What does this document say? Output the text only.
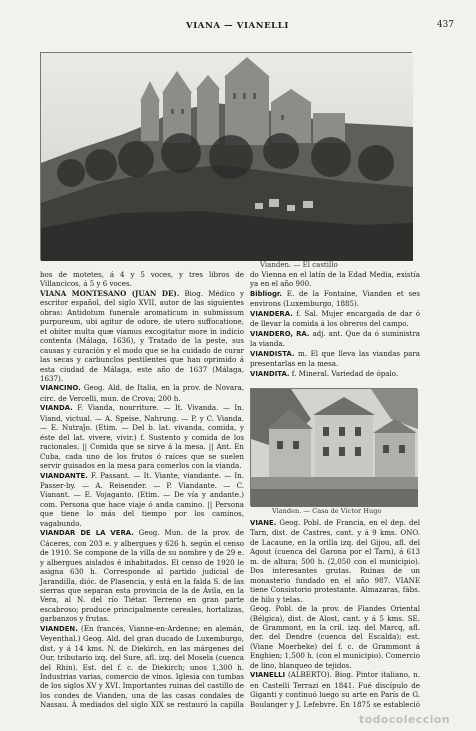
VIANA — VIANELLI	437
Vianden. — El castillo

bos de motetes, á 4 y 5 voces, y tres libros de Villancicos, á 5 y 6 voces.

VIANA MONTESANO (JUAN DE). Biog. Médico y escritor español, del siglo XVII, autor de las siguientes obras: Antidotum funerale aromaticum in submissum purpureum, ubi agitur de odore, de utero suffocatione, et obiter multa quæ viamus excogitatur more in indicio contenta (Málaga, 1636), y Tratado de la peste, sus causas y curación y el modo que se ha cuidado de curar las secas y carbunclos pestilentes que han oprimido á esta ciudad de Málaga, este año de 1637 (Málaga, 1637).

VIANCINO. Geog. Ald. de Italia, en la prov. de Novara, circ. de Vercelli, mun. de Crova; 200 h.

VIANDA. F. Vianda, nourriture. — It. Vivanda. — In. Viand, victual. — A. Speise, Nahrung. — P. y C. Vianda. — E. Nutraĵo. (Etim. — Del b. lat. vivanda, comida, y éste del lat. vivere, vivir.) f. Sustento y comida de los racionales. || Comida que se sirve á la mesa. || Ant. En Cuba, cada uno de los frutos ó raíces que se suelen servir guisados en la mesa para comerlos con la vianda.

VIANDANTE. F. Passant. — It. Viante, viandante. — In. Passer-by. — A. Reisender. — P. Viandante. — C. Vianant. — E. Vojaganto. (Etim. — De vía y andante.) com. Persona que hace viaje ó anda camino. || Persona que tiene lo más del tiempo por los caminos, vagabundo.

VIANDAR DE LA VERA. Geog. Mun. de la prov. de Cáceres, con 203 e. y albergues y 626 h. según el censo de 1910. Se compone de la villa de su nombre y de 29 e. y albergues aislados é inhabitados. El censo de 1920 le asigna 630 h. Corresponde al partido judicial de Jarandilla, dióc. de Plasencia, y está en la falda S. de las sierras que separan esta provincia de la de Ávila, en la Vera, al N. del río Tiétar. Terreno en gran parte escabroso; produce principalmente cereales, hortalizas, garbanzos y frutas.

VIANDEN. (En francés, Vianne-en-Ardenne; en alemán, Veyenthal.) Geog. Ald. del gran ducado de Luxemburgo, dist. y á 14 kms. N. de Diekirch, en las márgenes del Our, tributario izq. del Sure, afl. izq. del Mosela (cuenca del Rhin). Est. del f. c. de Diekirch; unos 1,300 h. Industrias varias, comercio de vinos. Iglesia con tumbas de los siglos XV y XVI. Importantes ruinas del castillo de los condes de Vianden, una de las casas condales de Nassau. Á mediados del siglo XIX se restauró la capilla

do Vienna en el latín de la Edad Media, existía ya en el año 900.

Bibliogr. E. de la Fontaine, Vianden et ses environs (Luxemburgo, 1885).

VIANDERA. f. Sal. Mujer encargada de dar ó de llevar la comida á los obreros del campo.

VIANDERO, RA. adj. ant. Que da ó suministra la vianda.

VIANDISTA. m. El que lleva las viandas para presentarlas en la mesa.

VIANDITA. f. Mineral. Variedad de ópalo.

Vianden. — Casa de Víctor Hugo

VIANE. Geog. Pobl. de Francia, en el dep. del Tarn, dist. de Castres, cant. y á 9 kms. ONO. de Lacaune, en la orilla izq. del Gijou, afl. del Agout (cuenca del Garona por el Tarn), á 613 m. de altura; 500 h. (2,050 con el municipio). Dos interesantes grutas. Ruinas de un monasterio fundado en el año 987. VIANE tiene Consistorio protestante. Almazaras, fábs. de hilo y telas.

Geog. Pobl. de la prov. de Flandes Oriental (Bélgica), dist. de Alost, cant. y á 5 kms. SE. de Grammont, en la cril. izq. del Marcq, afl. der. del Dendre (cuenca del Escalda); est. (Viane Moerbeke) del f. c. de Grammont á Enghien; 1,500 h. (con el municipio). Comercio de lino, blanqueo de tejidos.

VIANELLI (ALBERTO). Biog. Pintor italiano, n. en Castelli Terrazi en 1841. Fué discípulo de Giganti y continuó luego su arte en París de G. Boulanger y J. Lefebvre. En 1875 se estableció

todocoleccion
